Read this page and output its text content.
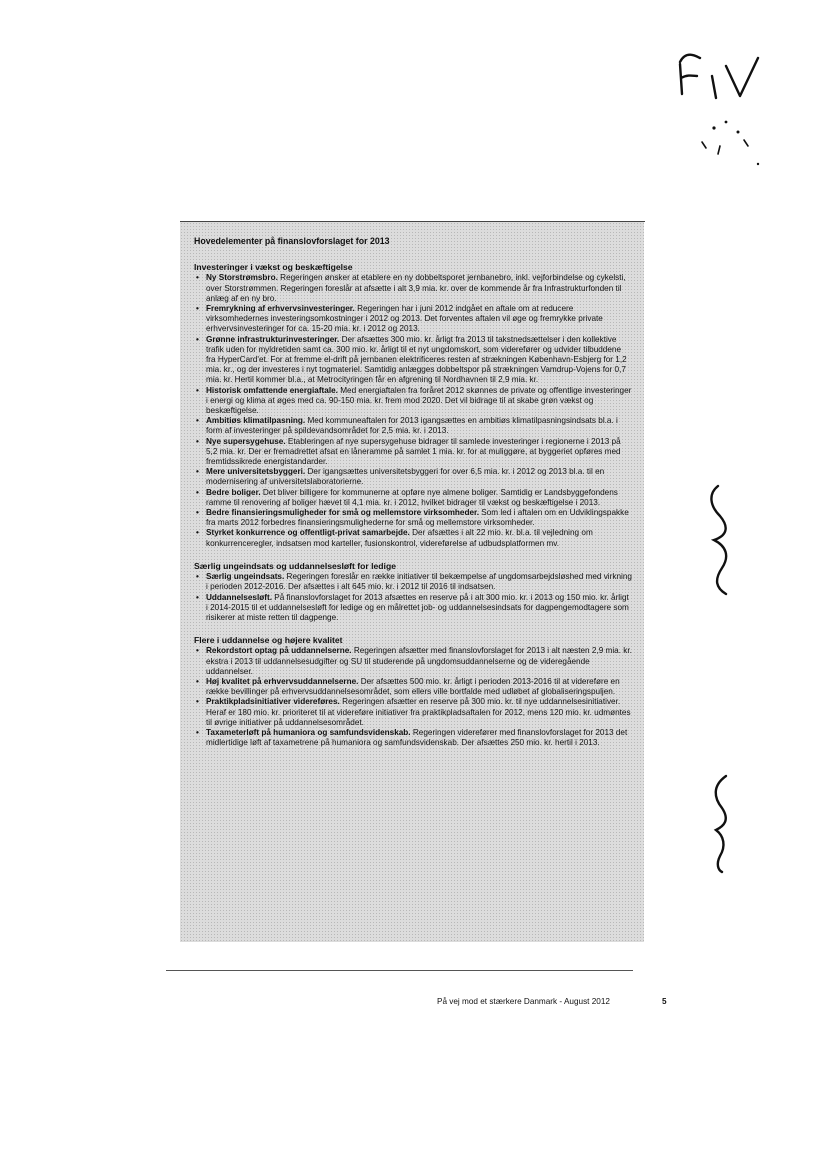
Hovedelementer på finanslovforslaget for 2013
Investeringer i vækst og beskæftigelse
• Ny Storstrømsbro. Regeringen ønsker at etablere en ny dobbeltsporet jernbanebro, inkl. vejforbindelse og cykelsti, over Storstrømmen. Regeringen foreslår at afsætte i alt 3,9 mia. kr. over de kommende år fra Infrastrukturfonden til anlæg af en ny bro.
• Fremrykning af erhvervsinvesteringer. Regeringen har i juni 2012 indgået en aftale om at reducere virksomhedernes investeringsomkostninger i 2012 og 2013. Det forventes aftalen vil øge og fremrykke private erhvervsinvesteringer for ca. 15-20 mia. kr. i 2012 og 2013.
• Grønne infrastrukturinvesteringer. Der afsættes 300 mio. kr. årligt fra 2013 til takstnedsættelser i den kollektive trafik uden for myldretiden samt ca. 300 mio. kr. årligt til et nyt ungdomskort, som viderefører og udvider tilbuddene fra HyperCard'et. For at fremme el-drift på jernbanen elektrificeres resten af strækningen København-Esbjerg for 1,2 mia. kr., og der investeres i nyt togmateriel. Samtidig anlægges dobbeltspor på strækningen Vamdrup-Vojens for 0,7 mia. kr. Hertil kommer bl.a., at Metrocityringen får en afgrening til Nordhavnen til 2,9 mia. kr.
• Historisk omfattende energiaftale. Med energiaftalen fra foråret 2012 skønnes de private og offentlige investeringer i energi og klima at øges med ca. 90-150 mia. kr. frem mod 2020. Det vil bidrage til at skabe grøn vækst og beskæftigelse.
• Ambitiøs klimatilpasning. Med kommuneaftalen for 2013 igangsættes en ambitiøs klimatilpasningsindsats bl.a. i form af investeringer på spildevandsområdet for 2,5 mia. kr. i 2013.
• Nye supersygehuse. Etableringen af nye supersygehuse bidrager til samlede investeringer i regionerne i 2013 på 5,2 mia. kr. Der er fremadrettet afsat en låneramme på samlet 1 mia. kr. for at muliggøre, at byggeriet opføres med fremtidssikrede energistandarder.
• Mere universitetsbyggeri. Der igangsættes universitetsbyggeri for over 6,5 mia. kr. i 2012 og 2013 bl.a. til en modernisering af universitetslaboratorierne.
• Bedre boliger. Det bliver billigere for kommunerne at opføre nye almene boliger. Samtidig er Landsbyggefondens ramme til renovering af boliger hævet til 4,1 mia. kr. i 2012, hvilket bidrager til vækst og beskæftigelse i 2013.
• Bedre finansieringsmuligheder for små og mellemstore virksomheder. Som led i aftalen om en Udviklingspakke fra marts 2012 forbedres finansieringsmulighederne for små og mellemstore virksomheder.
• Styrket konkurrence og offentligt-privat samarbejde. Der afsættes i alt 22 mio. kr. bl.a. til vejledning om konkurrenceregler, indsatsen mod karteller, fusionskontrol, videreførelse af udbudsplatformen mv.
Særlig ungeindsats og uddannelsesløft for ledige
• Særlig ungeindsats. Regeringen foreslår en række initiativer til bekæmpelse af ungdomsarbejdsløshed med virkning i perioden 2012-2016. Der afsættes i alt 645 mio. kr. i 2012 til 2016 til indsatsen.
• Uddannelsesløft. På finanslovforslaget for 2013 afsættes en reserve på i alt 300 mio. kr. i 2013 og 150 mio. kr. årligt i 2014-2015 til et uddannelsesløft for ledige og en målrettet job- og uddannelsesindsats for dagpengemodtagere som risikerer at miste retten til dagpenge.
Flere i uddannelse og højere kvalitet
• Rekordstort optag på uddannelserne. Regeringen afsætter med finanslovforslaget for 2013 i alt næsten 2,9 mia. kr. ekstra i 2013 til uddannelsesudgifter og SU til studerende på ungdomsuddannelserne og de videregående uddannelser.
• Høj kvalitet på erhvervsuddannelserne. Der afsættes 500 mio. kr. årligt i perioden 2013-2016 til at videreføre en række bevillinger på erhvervsuddannelsesområdet, som ellers ville bortfalde med udløbet af globaliseringspuljen.
• Praktikpladsinitiativer videreføres. Regeringen afsætter en reserve på 300 mio. kr. til nye uddannelsesinitiativer. Heraf er 180 mio. kr. prioriteret til at videreføre initiativer fra praktikpladsaftalen for 2012, mens 120 mio. kr. udmøntes til øvrige initiativer på uddannelsesområdet.
• Taxameterløft på humaniora og samfundsvidenskab. Regeringen viderefører med finanslovforslaget for 2013 det midlertidige løft af taxametrene på humaniora og samfundsvidenskab. Der afsættes 250 mio. kr. hertil i 2013.
På vej mod et stærkere Danmark - August 2012	5
